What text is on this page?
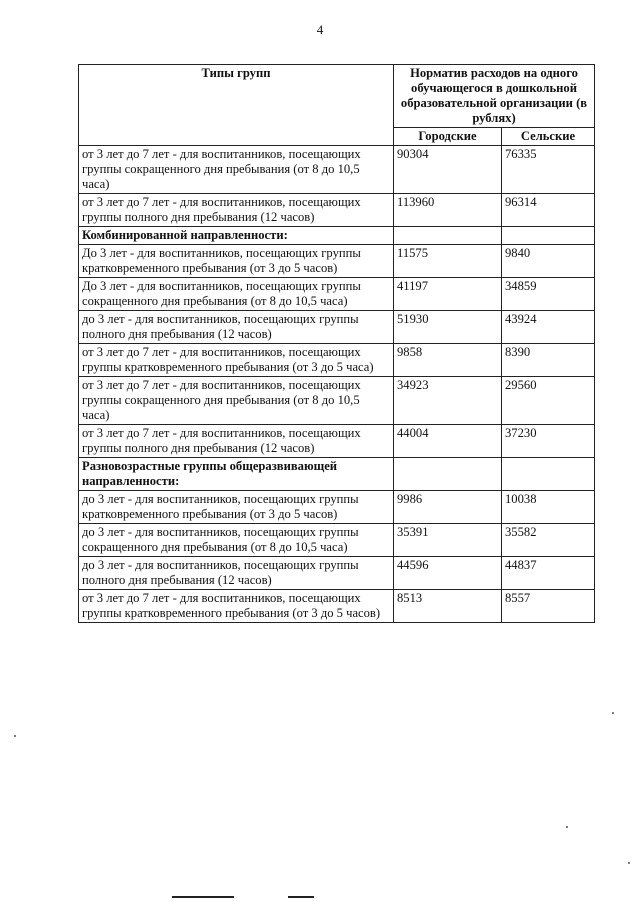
4
Типы групп	Норматив расходов на одного обучающегося в дошкольной образовательной организации (в рублях)	
	Городские	Сельские
от 3 лет до 7 лет - для воспитанников, посещающих группы сокращенного дня пребывания (от 8 до 10,5 часа)	90304	76335
от 3 лет до 7 лет - для воспитанников, посещающих группы полного дня пребывания (12 часов)	113960	96314
Комбинированной направленности:		
До 3 лет - для воспитанников, посещающих группы кратковременного пребывания (от 3 до 5 часов)	11575	9840
До 3 лет - для воспитанников, посещающих группы сокращенного дня пребывания (от 8 до 10,5 часа)	41197	34859
до 3 лет - для воспитанников, посещающих группы полного дня пребывания (12 часов)	51930	43924
от 3 лет до 7 лет - для воспитанников, посещающих группы кратковременного пребывания (от 3 до 5 часа)	9858	8390
от 3 лет до 7 лет - для воспитанников, посещающих группы сокращенного дня пребывания (от 8 до 10,5 часа)	34923	29560
от 3 лет до 7 лет - для воспитанников, посещающих группы полного дня пребывания (12 часов)	44004	37230
Разновозрастные группы общеразвивающей направленности:		
до 3 лет - для воспитанников, посещающих группы кратковременного пребывания (от 3 до 5 часов)	9986	10038
до 3 лет - для воспитанников, посещающих группы сокращенного дня пребывания (от 8 до 10,5 часа)	35391	35582
до 3 лет - для воспитанников, посещающих группы полного дня пребывания (12 часов)	44596	44837
от 3 лет до 7 лет - для воспитанников, посещающих группы кратковременного пребывания (от 3 до 5 часов)	8513	8557
